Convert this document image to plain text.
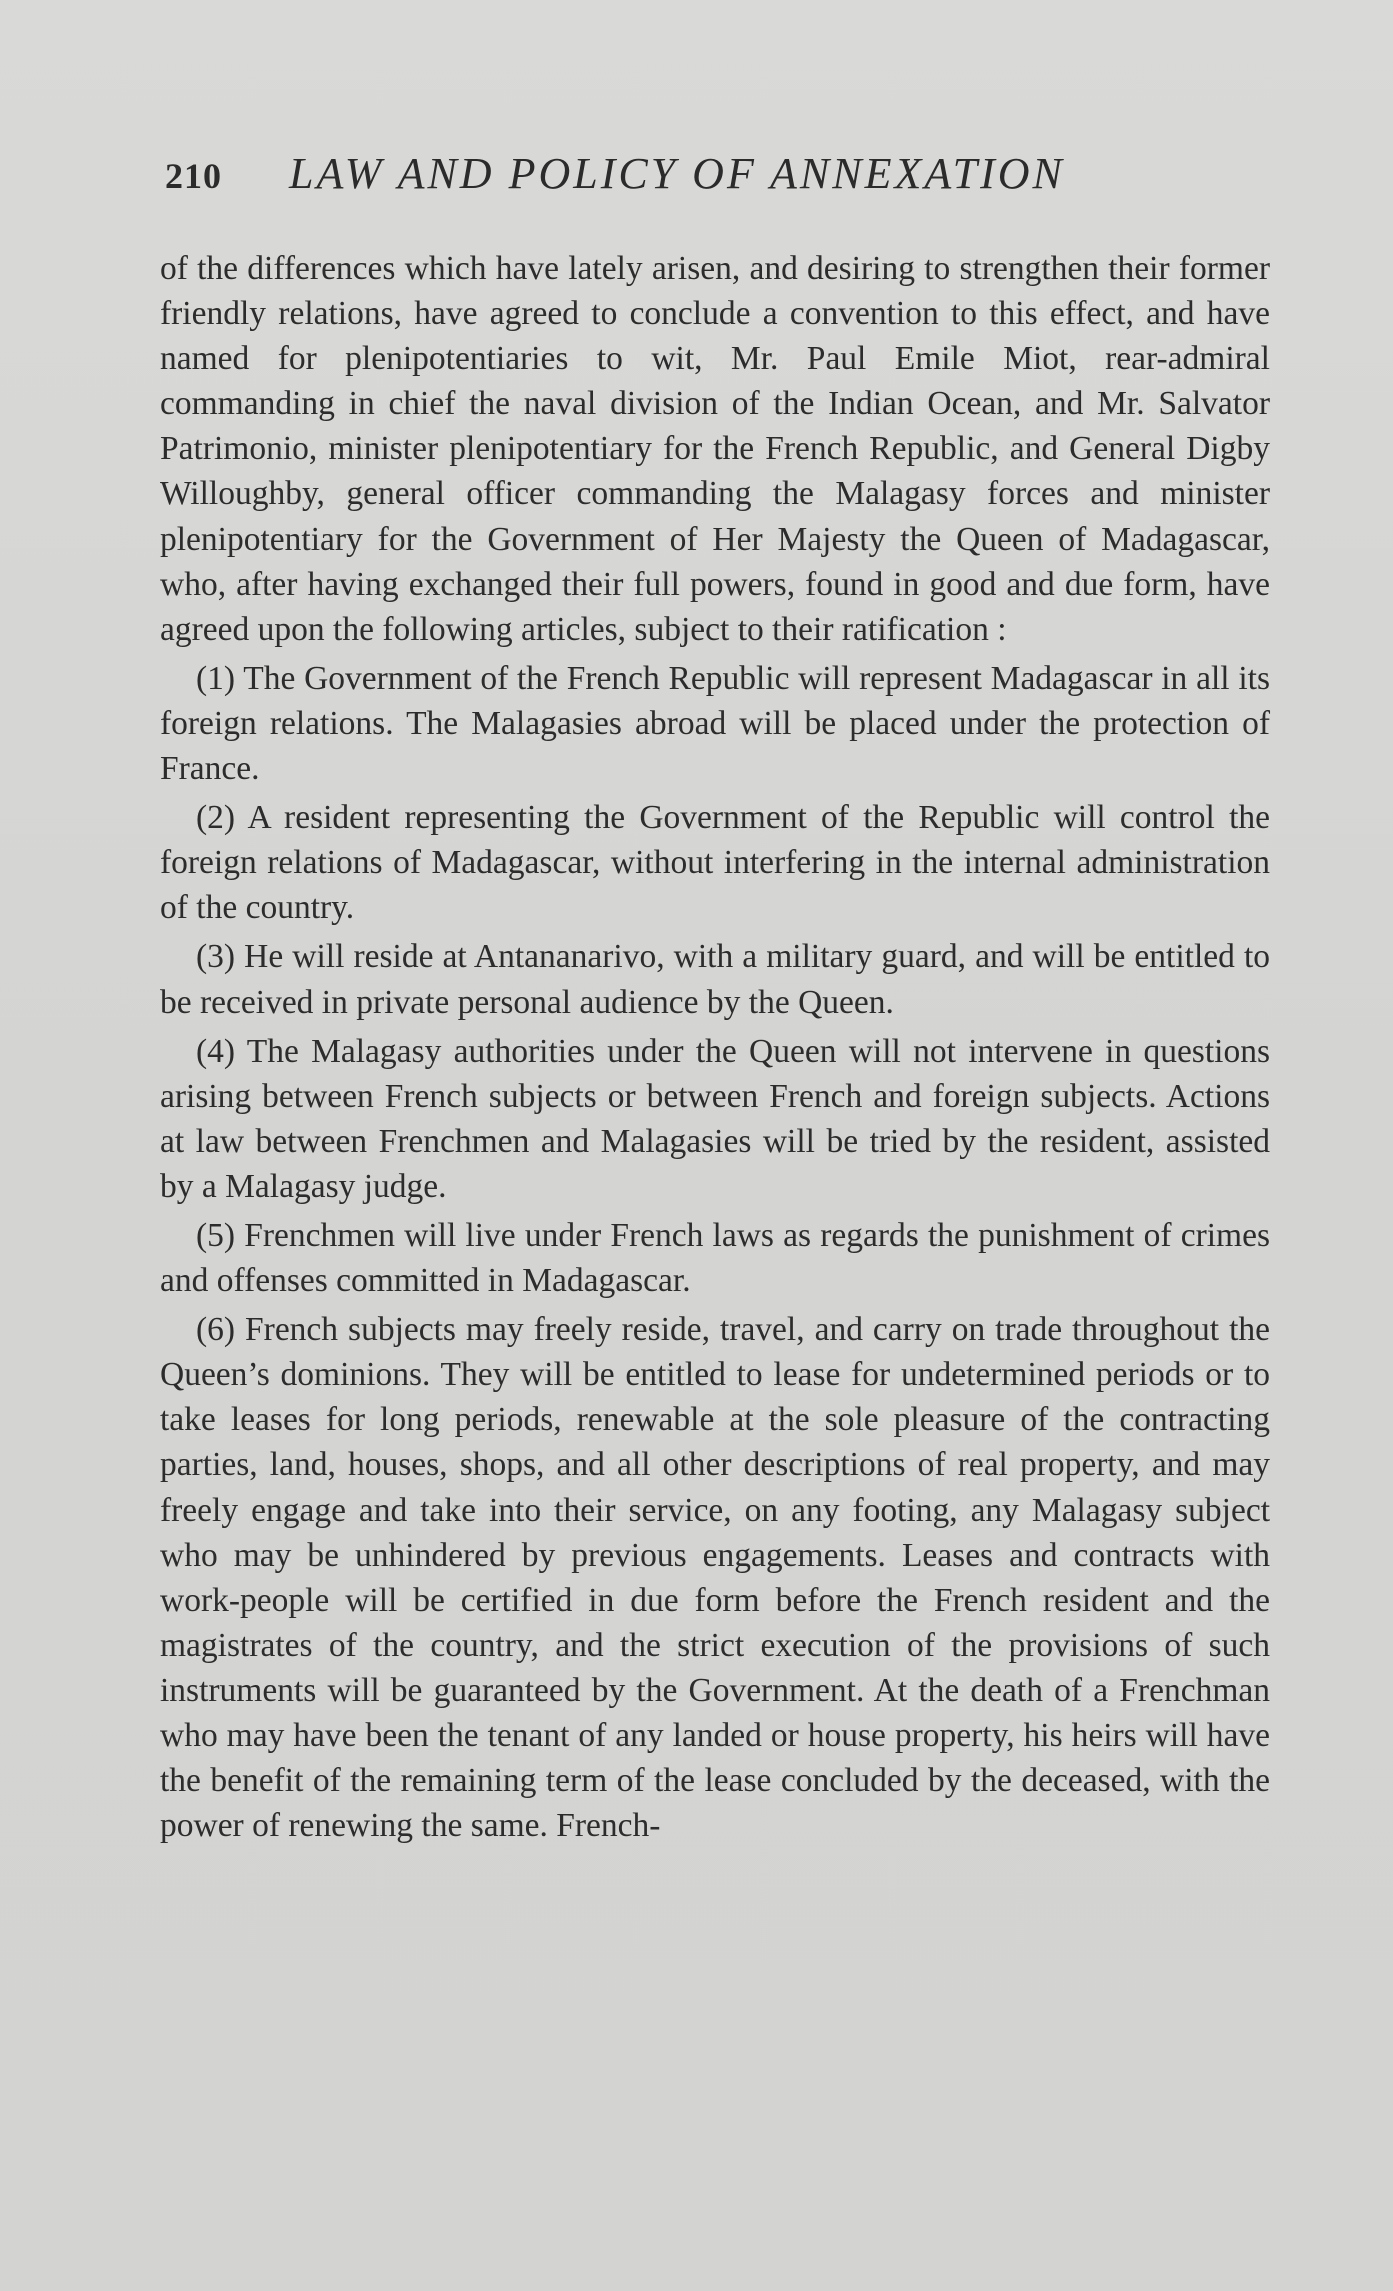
210	LAW AND POLICY OF ANNEXATION

of the differences which have lately arisen, and desiring to strengthen their former friendly relations, have agreed to conclude a convention to this effect, and have named for plenipotentiaries to wit, Mr. Paul Emile Miot, rear-admiral commanding in chief the naval division of the Indian Ocean, and Mr. Salvator Patrimonio, minister plenipotentiary for the French Republic, and General Digby Willoughby, general officer commanding the Malagasy forces and minister plenipotentiary for the Government of Her Majesty the Queen of Madagascar, who, after having exchanged their full powers, found in good and due form, have agreed upon the following articles, subject to their ratification :

(1) The Government of the French Republic will represent Madagascar in all its foreign relations. The Malagasies abroad will be placed under the protection of France.

(2) A resident representing the Government of the Republic will control the foreign relations of Madagascar, without interfering in the internal administration of the country.

(3) He will reside at Antananarivo, with a military guard, and will be entitled to be received in private personal audience by the Queen.

(4) The Malagasy authorities under the Queen will not intervene in questions arising between French subjects or between French and foreign subjects. Actions at law between Frenchmen and Malagasies will be tried by the resident, assisted by a Malagasy judge.

(5) Frenchmen will live under French laws as regards the punishment of crimes and offenses committed in Madagascar.

(6) French subjects may freely reside, travel, and carry on trade throughout the Queen’s dominions. They will be entitled to lease for undetermined periods or to take leases for long periods, renewable at the sole pleasure of the contracting parties, land, houses, shops, and all other descriptions of real property, and may freely engage and take into their service, on any footing, any Malagasy subject who may be unhindered by previous engagements. Leases and contracts with work-people will be certified in due form before the French resident and the magistrates of the country, and the strict execution of the provisions of such instruments will be guaranteed by the Government. At the death of a Frenchman who may have been the tenant of any landed or house property, his heirs will have the benefit of the remaining term of the lease concluded by the deceased, with the power of renewing the same. French-
